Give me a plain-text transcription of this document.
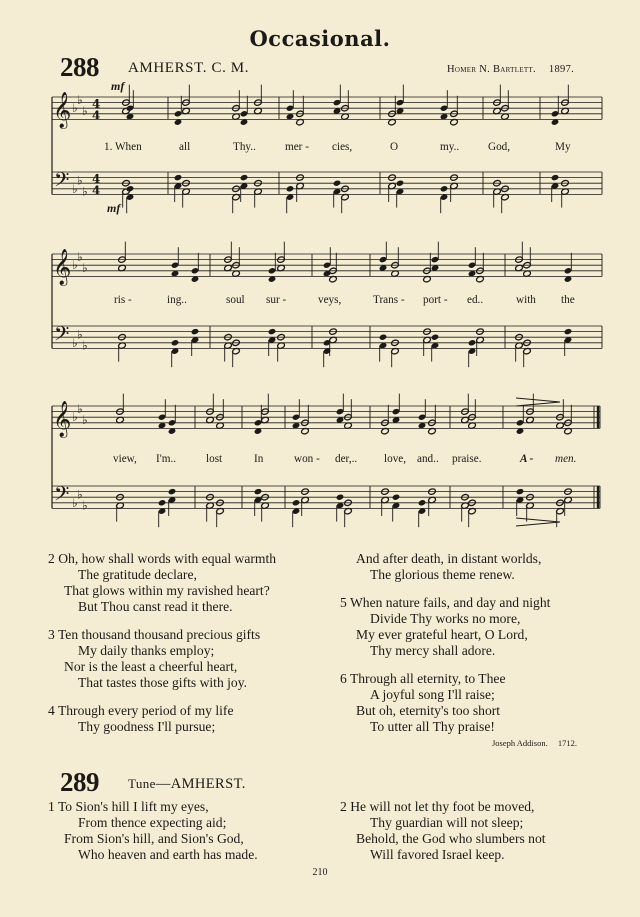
Occasional.
288 AMHERST. C. M.	Homer N. Bartlett. 1897.
𝄞
𝄢
♭
♭
♭
♭
♭
♭
4
4
4
4
𝄞
𝄢
♭
♭
♭
♭
♭
♭
𝄞
𝄢
♭
♭
♭
♭
♭
♭
mf
mf
1. When	all	Thy..	mer - cies,	O	my..	God,	My
ris -	ing..	soul sur -	veys,	Trans - port - ed..	with the
view, I'm..	lost	In	won - der,.. love, and.. praise.	A - men.
2 Oh, how shall words with equal warmth
The gratitude declare,
That glows within my ravished heart?
But Thou canst read it there.
3 Ten thousand thousand precious gifts
My daily thanks employ;
Nor is the least a cheerful heart,
That tastes those gifts with joy.
4 Through every period of my life
Thy goodness I'll pursue;
And after death, in distant worlds,
The glorious theme renew.
5 When nature fails, and day and night
Divide Thy works no more,
My ever grateful heart, O Lord,
Thy mercy shall adore.
6 Through all eternity, to Thee
A joyful song I'll raise;
But oh, eternity's too short
To utter all Thy praise!
Joseph Addison. 1712.
289 Tune—AMHERST.
1 To Sion's hill I lift my eyes,
From thence expecting aid;
From Sion's hill, and Sion's God,
Who heaven and earth has made.
2 He will not let thy foot be moved,
Thy guardian will not sleep;
Behold, the God who slumbers not
Will favored Israel keep.
210
